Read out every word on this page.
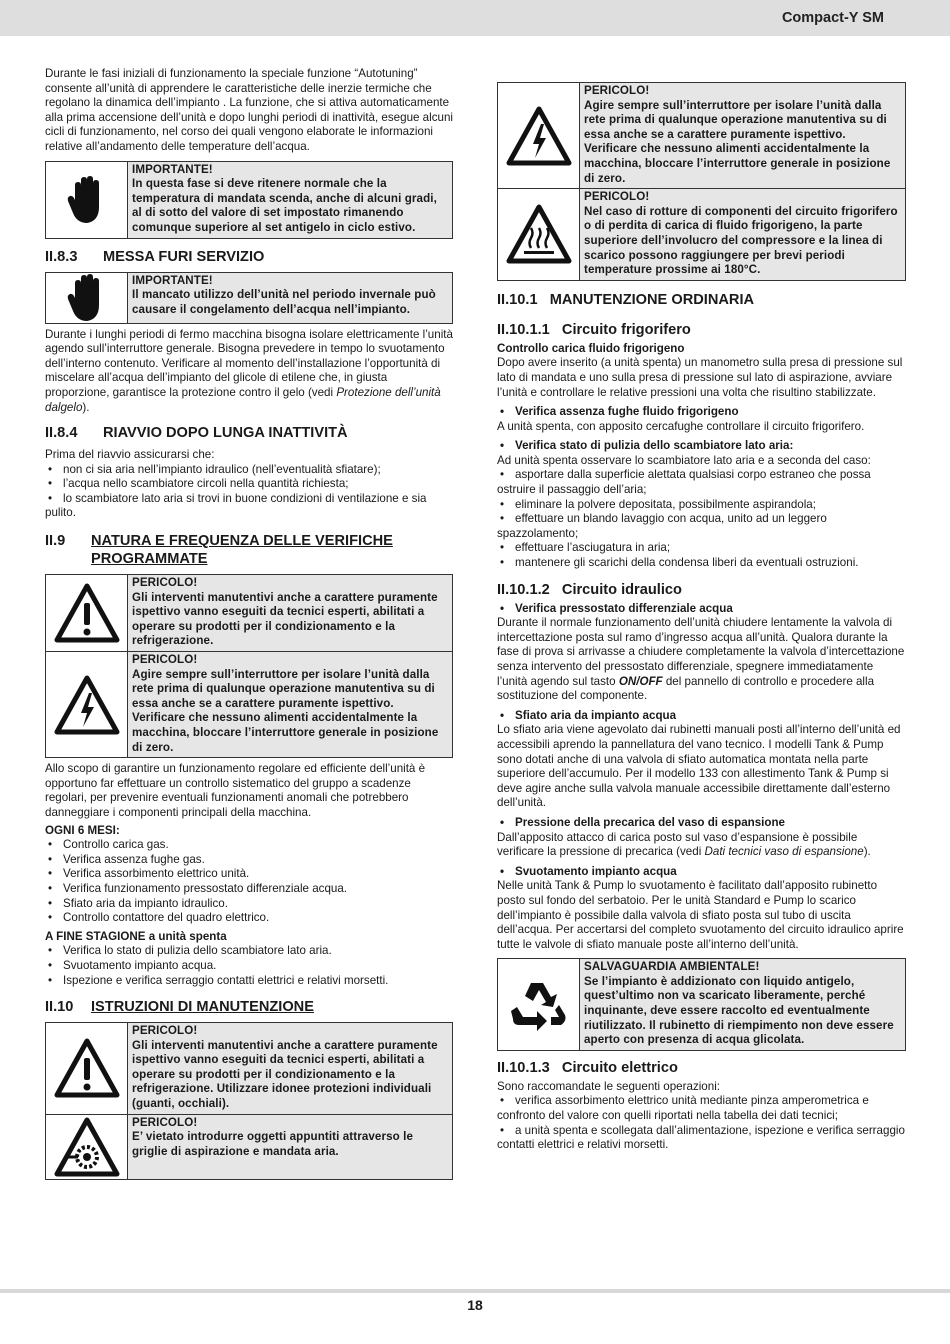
Compact-Y SM

Durante le fasi iniziali di funzionamento la speciale funzione “Autotuning” consente all’unità di apprendere le caratteristiche delle inerzie termiche che regolano la dinamica dell’impianto . La funzione, che si attiva automaticamente alla prima accensione dell’unità e dopo lunghi periodi di inattività, esegue alcuni cicli di funzionamento, nel corso dei quali vengono elaborate le informazioni relative all’andamento delle temperature dell’acqua.

IMPORTANTE!
In questa fase si deve ritenere normale che la temperatura di mandata scenda, anche di alcuni gradi, al di sotto del valore di set impostato rimanendo comunque superiore al set antigelo in ciclo estivo.
II.8.3	MESSA FURI SERVIZIO
IMPORTANTE!
Il mancato utilizzo dell’unità nel periodo invernale può causare il congelamento dell’acqua nell’impianto.

Durante i lunghi periodi di fermo macchina bisogna isolare elettricamente l’unità agendo sull’interruttore generale. Bisogna prevedere in tempo lo svuotamento dell’interno contenuto. Verificare al momento dell’installazione l’opportunità di miscelare all’acqua dell’impianto del glicole di etilene che, in giusta proporzione, garantisce la protezione contro il gelo (vedi Protezione dell’unità dalgelo).

II.8.4	RIAVVIO DOPO LUNGA INATTIVITÀ

Prima del riavvio assicurarsi che:

• non ci sia aria nell’impianto idraulico (nell’eventualità sfiatare);
• l’acqua nello scambiatore circoli nella quantità richiesta;
• lo scambiatore lato aria si trovi in buone condizioni di ventilazione e sia pulito.
II.9	NATURA E FREQUENZA DELLE VERIFICHE PROGRAMMATE
PERICOLO!
Gli interventi manutentivi anche a carattere puramente ispettivo vanno eseguiti da tecnici esperti, abilitati a operare su prodotti per il condizionamento e la refrigerazione.
PERICOLO!
Agire sempre sull’interruttore per isolare l’unità dalla rete prima di qualunque operazione manutentiva su di essa anche se a carattere puramente ispettivo. Verificare che nessuno alimenti accidentalmente la macchina, bloccare l’interruttore generale in posizione di zero.

Allo scopo di garantire un funzionamento regolare ed efficiente dell’unità è opportuno far effettuare un controllo sistematico del gruppo a scadenze regolari, per prevenire eventuali funzionamenti anomali che potrebbero danneggiare i componenti principali della macchina.

OGNI 6 MESI:
• Controllo carica gas.
• Verifica assenza fughe gas.
• Verifica assorbimento elettrico unità.
• Verifica funzionamento pressostato differenziale acqua.
• Sfiato aria da impianto idraulico.
• Controllo contattore del quadro elettrico.
A FINE STAGIONE a unità spenta
• Verifica lo stato di pulizia dello scambiatore lato aria.
• Svuotamento impianto acqua.
• Ispezione e verifica serraggio contatti elettrici e relativi morsetti.
II.10	ISTRUZIONI DI MANUTENZIONE
PERICOLO!
Gli interventi manutentivi anche a carattere puramente ispettivo vanno eseguiti da tecnici esperti, abilitati a operare su prodotti per il condizionamento e la refrigerazione. Utilizzare idonee protezioni individuali (guanti, occhiali).
PERICOLO!
E’ vietato introdurre oggetti appuntiti attraverso le griglie di aspirazione e mandata aria.
PERICOLO!
Agire sempre sull’interruttore per isolare l’unità dalla rete prima di qualunque operazione manutentiva su di essa anche se a carattere puramente ispettivo. Verificare che nessuno alimenti accidentalmente la macchina, bloccare l’interruttore generale in posizione di zero.
PERICOLO!
Nel caso di rotture di componenti del circuito frigorifero o di perdita di carica di fluido frigorigeno, la parte superiore dell’involucro del compressore e la linea di scarico possono raggiungere per brevi periodi temperature prossime ai 180°C.
II.10.1   MANUTENZIONE ORDINARIA
II.10.1.1   Circuito frigorifero
Controllo carica fluido frigorigeno

Dopo avere inserito (a unità spenta) un manometro sulla presa di pressione sul lato di mandata e uno sulla presa di pressione sul lato di aspirazione, avviare l’unità e controllare le relative pressioni una volta che risultino stabilizzate.

• Verifica assenza fughe fluido frigorigeno

A unità spenta, con apposito cercafughe controllare il circuito frigorifero.

• Verifica stato di pulizia dello scambiatore lato aria:

Ad unità spenta osservare lo scambiatore lato aria e a seconda del caso:

• asportare dalla superficie alettata qualsiasi corpo estraneo che possa ostruire il passaggio dell’aria;
• eliminare la polvere depositata, possibilmente aspirandola;
• effettuare un blando lavaggio con acqua, unito ad un leggero spazzolamento;
• effettuare l’asciugatura in aria;
• mantenere gli scarichi della condensa liberi da eventuali ostruzioni.
II.10.1.2   Circuito idraulico
• Verifica pressostato differenziale acqua

Durante il normale funzionamento dell’unità chiudere lentamente la valvola di intercettazione posta sul ramo d’ingresso acqua all’unità. Qualora durante la fase di prova si arrivasse a chiudere completamente la valvola d’intercettazione senza intervento del pressostato differenziale, spegnere immediatamente l’unità agendo sul tasto ON/OFF del pannello di controllo e procedere alla sostituzione del componente.

• Sfiato aria da impianto acqua

Lo sfiato aria viene agevolato dai rubinetti manuali posti all’interno dell’unità ed accessibili aprendo la pannellatura del vano tecnico. I modelli Tank & Pump sono dotati anche di una valvola di sfiato automatica montata nella parte superiore dell’accumulo. Per il modello 133 con allestimento Tank & Pump si deve agire anche sulla valvola manuale accessibile direttamente dall’esterno dell’unità.

• Pressione della precarica del vaso di espansione

Dall’apposito attacco di carica posto sul vaso d’espansione è possibile verificare la pressione di precarica (vedi Dati tecnici vaso di espansione).

• Svuotamento impianto acqua

Nelle unità Tank & Pump lo svuotamento è facilitato dall’apposito rubinetto posto sul fondo del serbatoio. Per le unità Standard e Pump lo scarico dell’impianto è possibile dalla valvola di sfiato posta sul tubo di uscita dell’acqua. Per accertarsi del completo svuotamento del circuito idraulico aprire tutte le valvole di sfiato manuale poste all’interno dell’unità.

SALVAGUARDIA AMBIENTALE!
Se l’impianto è addizionato con liquido antigelo, quest’ultimo non va scaricato liberamente, perché inquinante, deve essere raccolto ed eventualmente riutilizzato. Il rubinetto di riempimento non deve essere aperto con presenza di acqua glicolata.
II.10.1.3   Circuito elettrico

Sono raccomandate le seguenti operazioni:

• verifica assorbimento elettrico unità mediante pinza amperometrica e confronto del valore con quelli riportati nella tabella dei dati tecnici;
• a unità spenta e scollegata dall’alimentazione, ispezione e verifica serraggio contatti elettrici e relativi morsetti.
18
